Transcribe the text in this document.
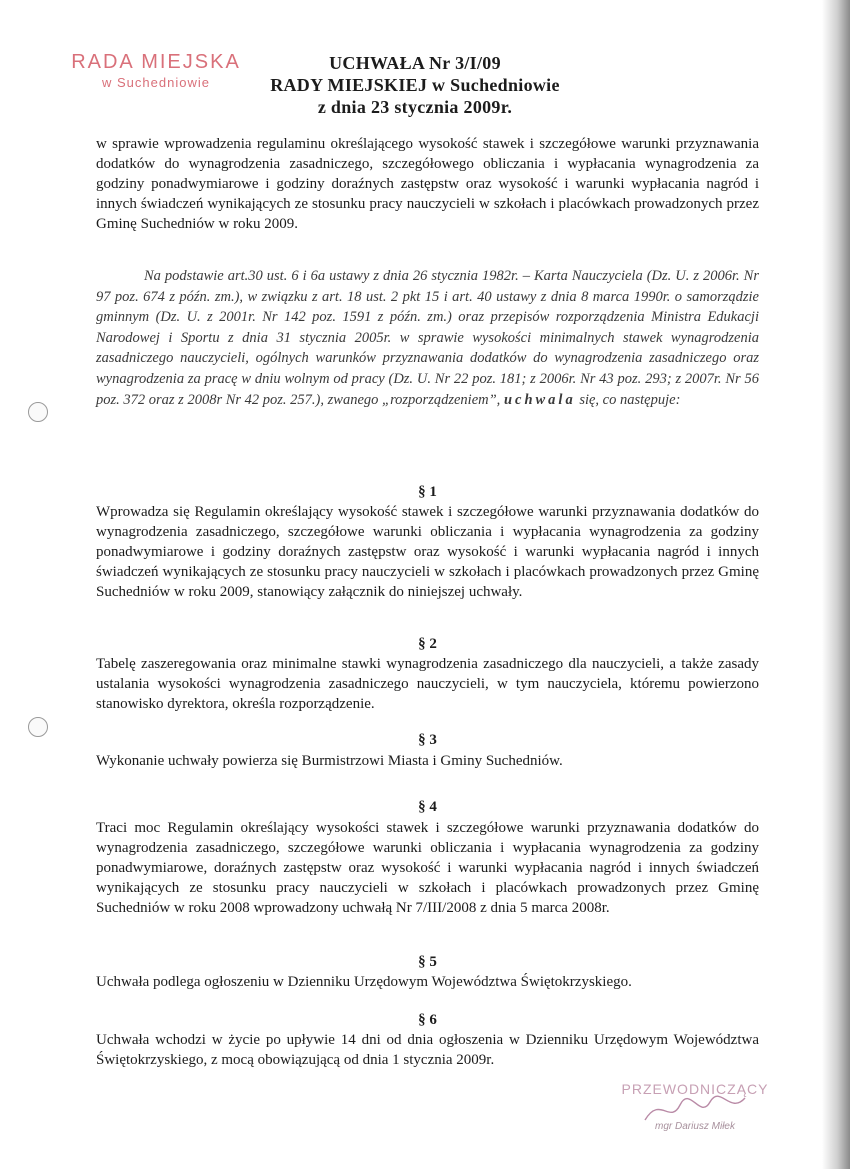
RADA MIEJSKA
w Suchedniowie
UCHWAŁA Nr 3/I/09
RADY MIEJSKIEJ w Suchedniowie
z dnia 23 stycznia 2009r.
w sprawie wprowadzenia regulaminu określającego wysokość stawek i szczegółowe warunki przyznawania dodatków do wynagrodzenia zasadniczego, szczegółowego obliczania i wypłacania wynagrodzenia za godziny ponadwymiarowe i godziny doraźnych zastępstw oraz wysokość i warunki wypłacania nagród i innych świadczeń wynikających ze stosunku pracy nauczycieli w szkołach i placówkach prowadzonych przez Gminę Suchedniów w roku 2009.
Na podstawie art.30 ust. 6 i 6a ustawy z dnia 26 stycznia 1982r. – Karta Nauczyciela (Dz. U. z 2006r. Nr 97 poz. 674 z późn. zm.), w związku z art. 18 ust. 2 pkt 15 i art. 40 ustawy z dnia 8 marca 1990r. o samorządzie gminnym (Dz. U. z 2001r. Nr 142 poz. 1591 z późn. zm.) oraz przepisów rozporządzenia Ministra Edukacji Narodowej i Sportu z dnia 31 stycznia 2005r. w sprawie wysokości minimalnych stawek wynagrodzenia zasadniczego nauczycieli, ogólnych warunków przyznawania dodatków do wynagrodzenia zasadniczego oraz wynagrodzenia za pracę w dniu wolnym od pracy (Dz. U. Nr 22 poz. 181; z 2006r. Nr 43 poz. 293; z 2007r. Nr 56 poz. 372 oraz z 2008r Nr 42 poz. 257.), zwanego „rozporządzeniem”, uchwala się, co następuje:
§ 1
Wprowadza się Regulamin określający wysokość stawek i szczegółowe warunki przyznawania dodatków do wynagrodzenia zasadniczego, szczegółowe warunki obliczania i wypłacania wynagrodzenia za godziny ponadwymiarowe i godziny doraźnych zastępstw oraz wysokość i warunki wypłacania nagród i innych świadczeń wynikających ze stosunku pracy nauczycieli w szkołach i placówkach prowadzonych przez Gminę Suchedniów w roku 2009, stanowiący załącznik do niniejszej uchwały.
§ 2
Tabelę zaszeregowania oraz minimalne stawki wynagrodzenia zasadniczego dla nauczycieli, a także zasady ustalania wysokości wynagrodzenia zasadniczego nauczycieli, w tym nauczyciela, któremu powierzono stanowisko dyrektora, określa rozporządzenie.
§ 3
Wykonanie uchwały powierza się Burmistrzowi Miasta i Gminy Suchedniów.
§ 4
Traci moc Regulamin określający wysokości stawek i szczegółowe warunki przyznawania dodatków do wynagrodzenia zasadniczego, szczegółowe warunki obliczania i wypłacania wynagrodzenia za godziny ponadwymiarowe, doraźnych zastępstw oraz wysokość i warunki wypłacania nagród i innych świadczeń wynikających ze stosunku pracy nauczycieli w szkołach i placówkach prowadzonych przez Gminę Suchedniów w roku 2008 wprowadzony uchwałą Nr 7/III/2008 z dnia 5 marca 2008r.
§ 5
Uchwała podlega ogłoszeniu w Dzienniku Urzędowym Województwa Świętokrzyskiego.
§ 6
Uchwała wchodzi w życie po upływie 14 dni od dnia ogłoszenia w Dzienniku Urzędowym Województwa Świętokrzyskiego, z mocą obowiązującą od dnia 1 stycznia 2009r.
PRZEWODNICZĄCY
mgr Dariusz Miłek
